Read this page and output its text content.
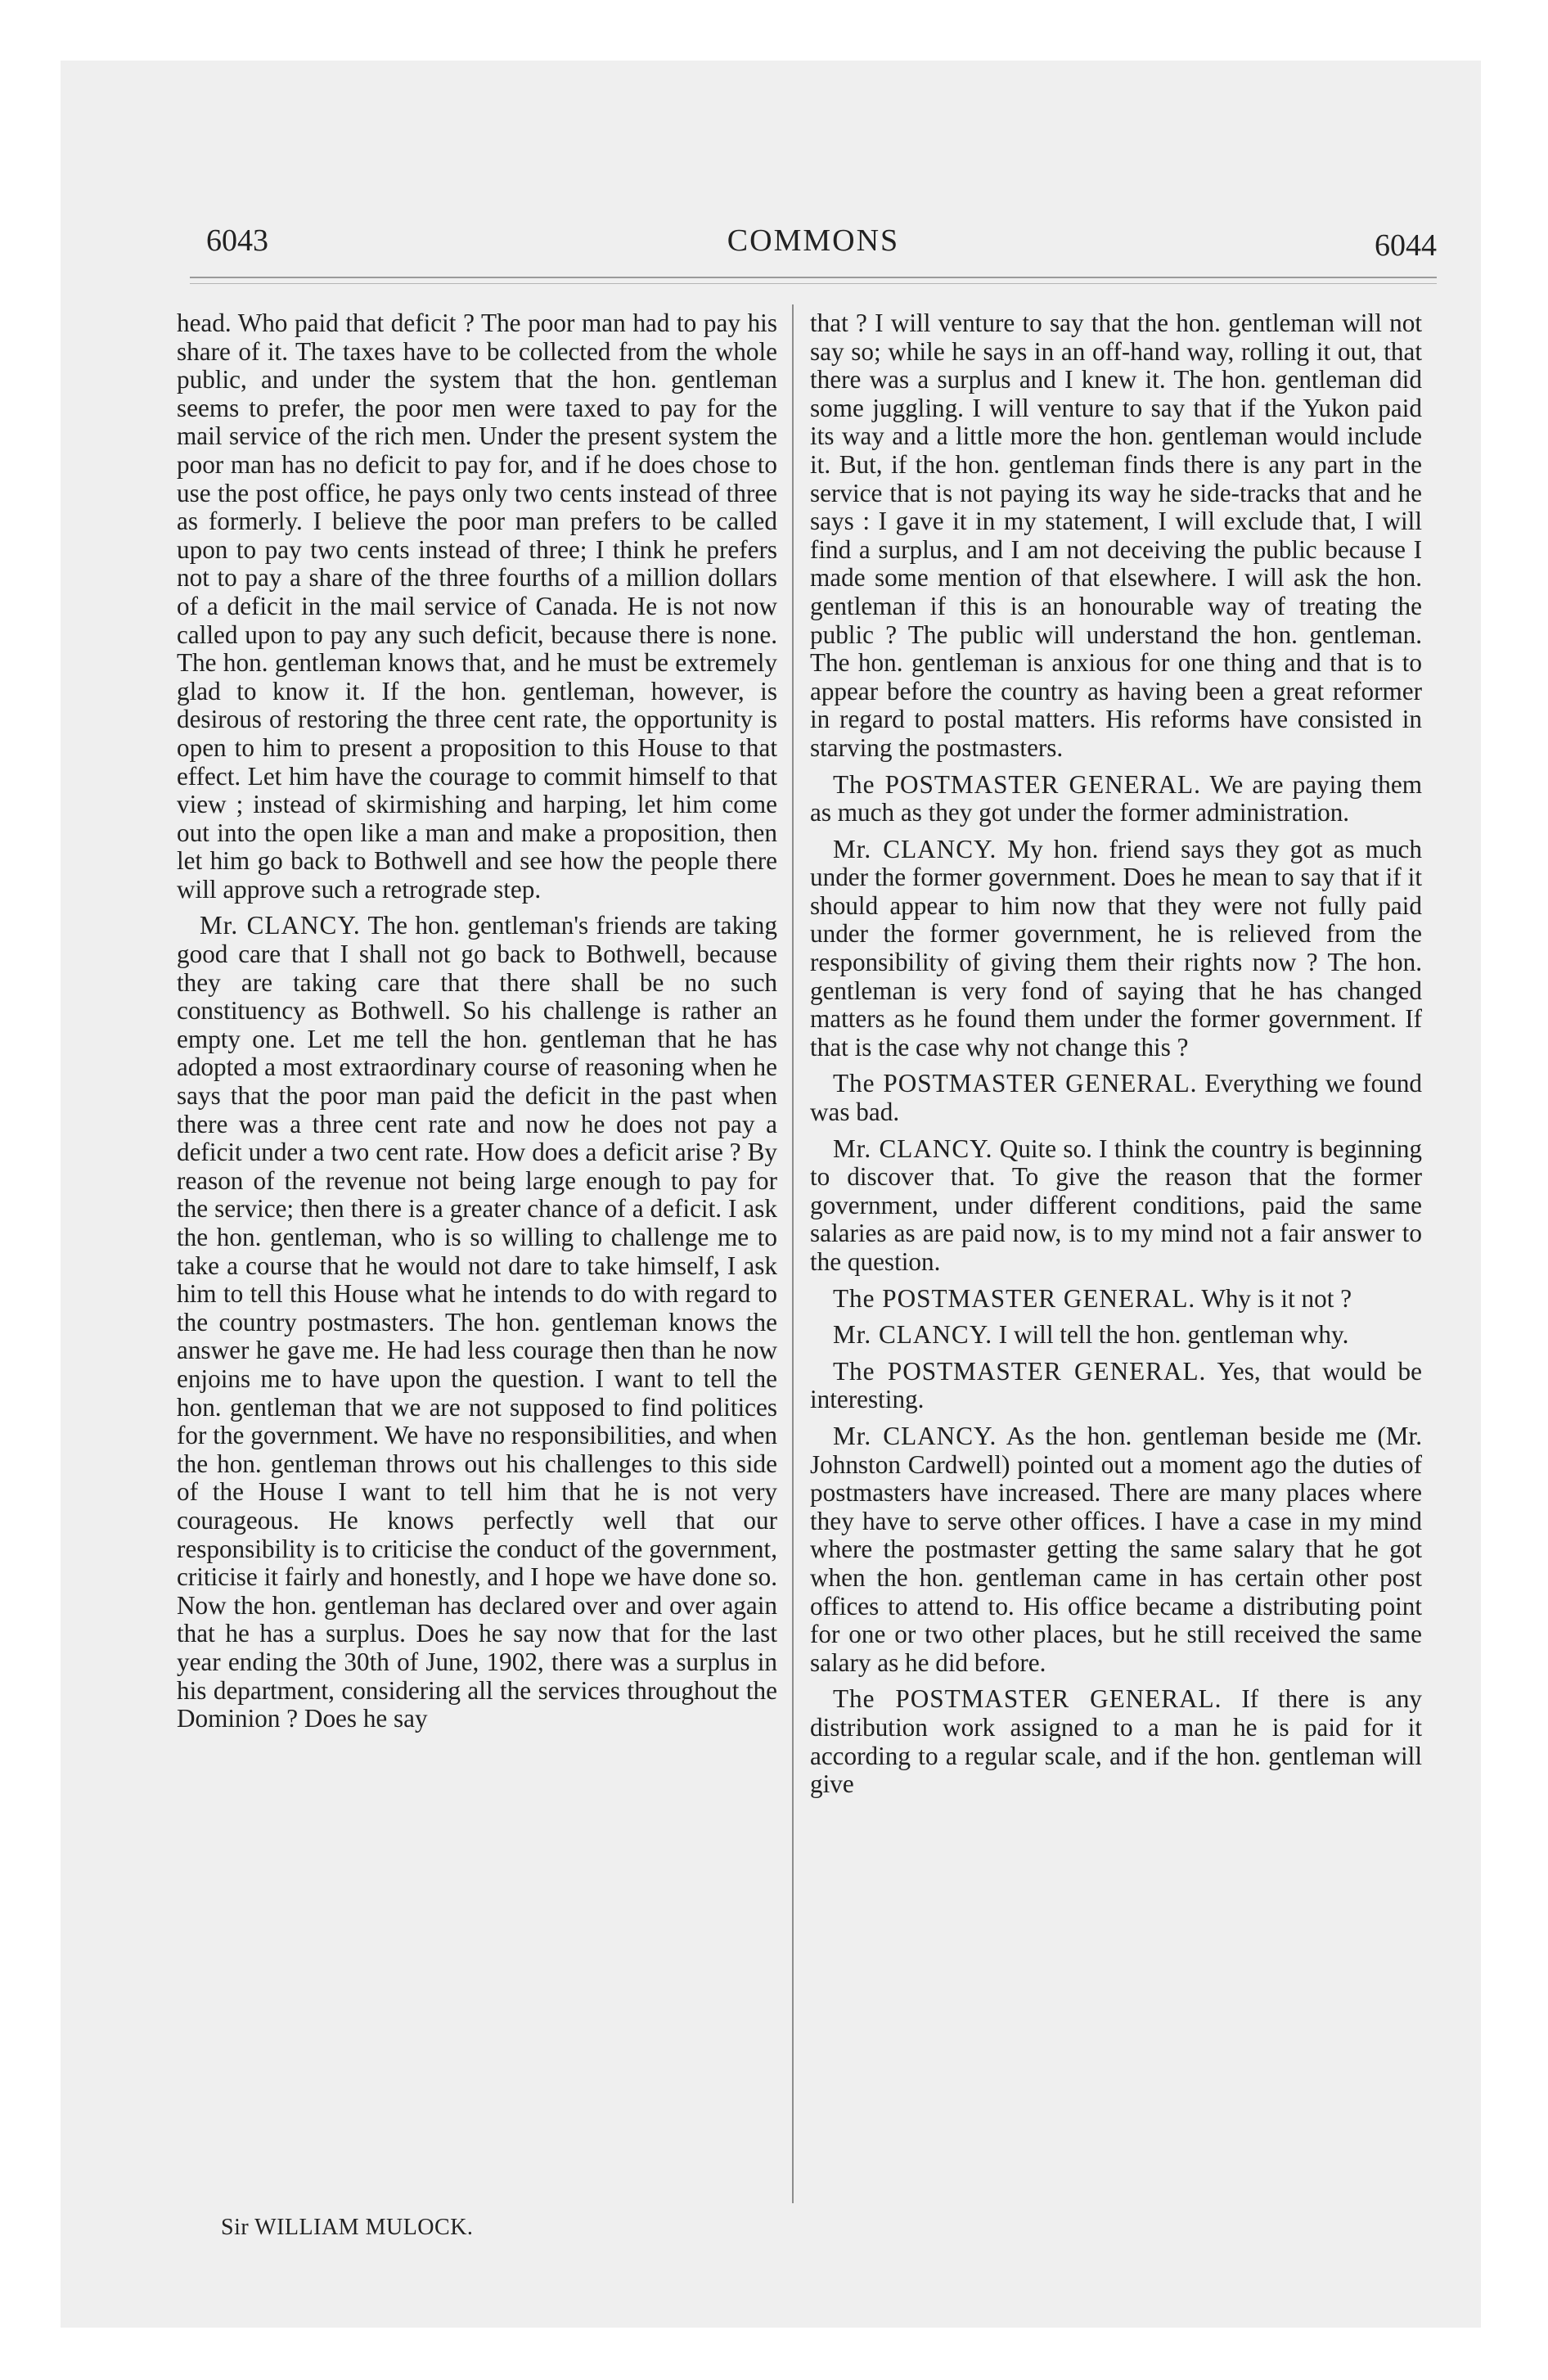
6043	COMMONS	6044

head. Who paid that deficit ? The poor man had to pay his share of it. The taxes have to be collected from the whole public, and under the system that the hon. gentleman seems to prefer, the poor men were taxed to pay for the mail service of the rich men. Under the present system the poor man has no deficit to pay for, and if he does chose to use the post office, he pays only two cents instead of three as formerly. I believe the poor man prefers to be called upon to pay two cents instead of three; I think he prefers not to pay a share of the three fourths of a million dollars of a deficit in the mail service of Canada. He is not now called upon to pay any such deficit, because there is none. The hon. gentleman knows that, and he must be extremely glad to know it. If the hon. gentleman, however, is desirous of restoring the three cent rate, the opportunity is open to him to present a proposition to this House to that effect. Let him have the courage to commit himself to that view ; instead of skirmishing and harping, let him come out into the open like a man and make a proposition, then let him go back to Bothwell and see how the people there will approve such a retrograde step.

Mr. CLANCY. The hon. gentleman's friends are taking good care that I shall not go back to Bothwell, because they are taking care that there shall be no such constituency as Bothwell. So his challenge is rather an empty one. Let me tell the hon. gentleman that he has adopted a most extraordinary course of reasoning when he says that the poor man paid the deficit in the past when there was a three cent rate and now he does not pay a deficit under a two cent rate. How does a deficit arise ? By reason of the revenue not being large enough to pay for the service; then there is a greater chance of a deficit. I ask the hon. gentleman, who is so willing to challenge me to take a course that he would not dare to take himself, I ask him to tell this House what he intends to do with regard to the country postmasters. The hon. gentleman knows the answer he gave me. He had less courage then than he now enjoins me to have upon the question. I want to tell the hon. gentleman that we are not supposed to find politices for the government. We have no responsibilities, and when the hon. gentleman throws out his challenges to this side of the House I want to tell him that he is not very courageous. He knows perfectly well that our responsibility is to criticise the conduct of the government, criticise it fairly and honestly, and I hope we have done so. Now the hon. gentleman has declared over and over again that he has a surplus. Does he say now that for the last year ending the 30th of June, 1902, there was a surplus in his department, considering all the services throughout the Dominion ? Does he say

that ? I will venture to say that the hon. gentleman will not say so; while he says in an off-hand way, rolling it out, that there was a surplus and I knew it. The hon. gentleman did some juggling. I will venture to say that if the Yukon paid its way and a little more the hon. gentleman would include it. But, if the hon. gentleman finds there is any part in the service that is not paying its way he side-tracks that and he says : I gave it in my statement, I will exclude that, I will find a surplus, and I am not deceiving the public because I made some mention of that elsewhere. I will ask the hon. gentleman if this is an honourable way of treating the public ? The public will understand the hon. gentleman. The hon. gentleman is anxious for one thing and that is to appear before the country as having been a great reformer in regard to postal matters. His reforms have consisted in starving the postmasters.

The POSTMASTER GENERAL. We are paying them as much as they got under the former administration.

Mr. CLANCY. My hon. friend says they got as much under the former government. Does he mean to say that if it should appear to him now that they were not fully paid under the former government, he is relieved from the responsibility of giving them their rights now ? The hon. gentleman is very fond of saying that he has changed matters as he found them under the former government. If that is the case why not change this ?

The POSTMASTER GENERAL. Everything we found was bad.

Mr. CLANCY. Quite so. I think the country is beginning to discover that. To give the reason that the former government, under different conditions, paid the same salaries as are paid now, is to my mind not a fair answer to the question.

The POSTMASTER GENERAL. Why is it not ?

Mr. CLANCY. I will tell the hon. gentleman why.

The POSTMASTER GENERAL. Yes, that would be interesting.

Mr. CLANCY. As the hon. gentleman beside me (Mr. Johnston Cardwell) pointed out a moment ago the duties of postmasters have increased. There are many places where they have to serve other offices. I have a case in my mind where the postmaster getting the same salary that he got when the hon. gentleman came in has certain other post offices to attend to. His office became a distributing point for one or two other places, but he still received the same salary as he did before.

The POSTMASTER GENERAL. If there is any distribution work assigned to a man he is paid for it according to a regular scale, and if the hon. gentleman will give

Sir WILLIAM MULOCK.
